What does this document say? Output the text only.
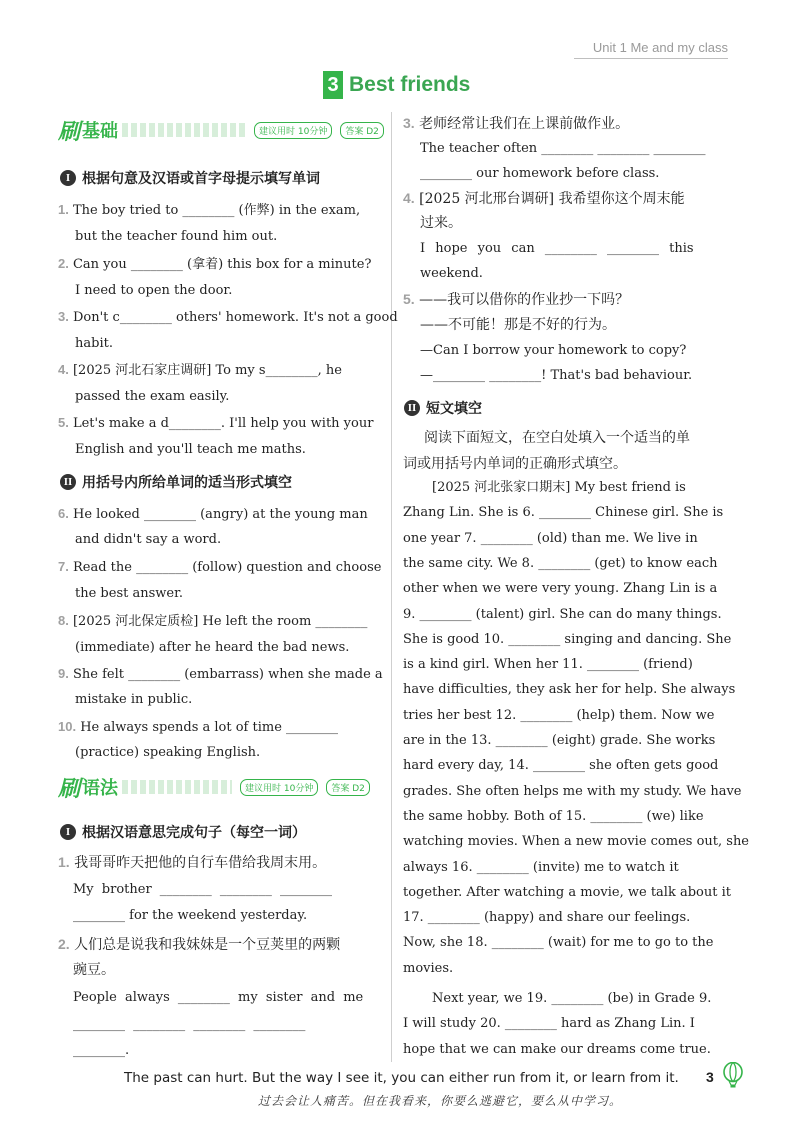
Unit 1 Me and my class
3 Best friends
刷 基础	建议用时 10分钟	答案 D2
I 根据句意及汉语或首字母提示填写单词
1. The boy tried to ________ (作弊) in the exam,
but the teacher found him out.
2. Can you ________ (拿着) this box for a minute?
I need to open the door.
3. Don't c________ others' homework. It's not a good
habit.
4. [2025 河北石家庄调研] To my s________, he
passed the exam easily.
5. Let's make a d________. I'll help you with your
English and you'll teach me maths.
II 用括号内所给单词的适当形式填空
6. He looked ________ (angry) at the young man
and didn't say a word.
7. Read the ________ (follow) question and choose
the best answer.
8. [2025 河北保定质检] He left the room ________
(immediate) after he heard the bad news.
9. She felt ________ (embarrass) when she made a
mistake in public.
10. He always spends a lot of time ________
(practice) speaking English.
刷 语法	建议用时 10分钟	答案 D2
I 根据汉语意思完成句子（每空一词）
1. 我哥哥昨天把他的自行车借给我周末用。
My brother ________ ________ ________
________ for the weekend yesterday.
2. 人们总是说我和我妹妹是一个豆荚里的两颗
豌豆。
People always ________ my sister and me
________ ________ ________ ________
________.
3. 老师经常让我们在上课前做作业。
The teacher often ________ ________ ________
________ our homework before class.
4. [2025 河北邢台调研] 我希望你这个周末能
过来。
I hope you can ________ ________ this
weekend.
5. ——我可以借你的作业抄一下吗？
——不可能！那是不好的行为。
—Can I borrow your homework to copy?
—________ ________! That's bad behaviour.
II 短文填空
阅读下面短文，在空白处填入一个适当的单
词或用括号内单词的正确形式填空。
[2025 河北张家口期末] My best friend is
Zhang Lin. She is 6. ________ Chinese girl. She is
one year 7. ________ (old) than me. We live in
the same city. We 8. ________ (get) to know each
other when we were very young. Zhang Lin is a
9. ________ (talent) girl. She can do many things.
She is good 10. ________ singing and dancing. She
is a kind girl. When her 11. ________ (friend)
have difficulties, they ask her for help. She always
tries her best 12. ________ (help) them. Now we
are in the 13. ________ (eight) grade. She works
hard every day, 14. ________ she often gets good
grades. She often helps me with my study. We have
the same hobby. Both of 15. ________ (we) like
watching movies. When a new movie comes out, she
always 16. ________ (invite) me to watch it
together. After watching a movie, we talk about it
17. ________ (happy) and share our feelings.
Now, she 18. ________ (wait) for me to go to the
movies.
Next year, we 19. ________ (be) in Grade 9.
I will study 20. ________ hard as Zhang Lin. I
hope that we can make our dreams come true.
The past can hurt. But the way I see it, you can either run from it, or learn from it.
过去会让人痛苦。但在我看来，你要么逃避它，要么从中学习。
3
